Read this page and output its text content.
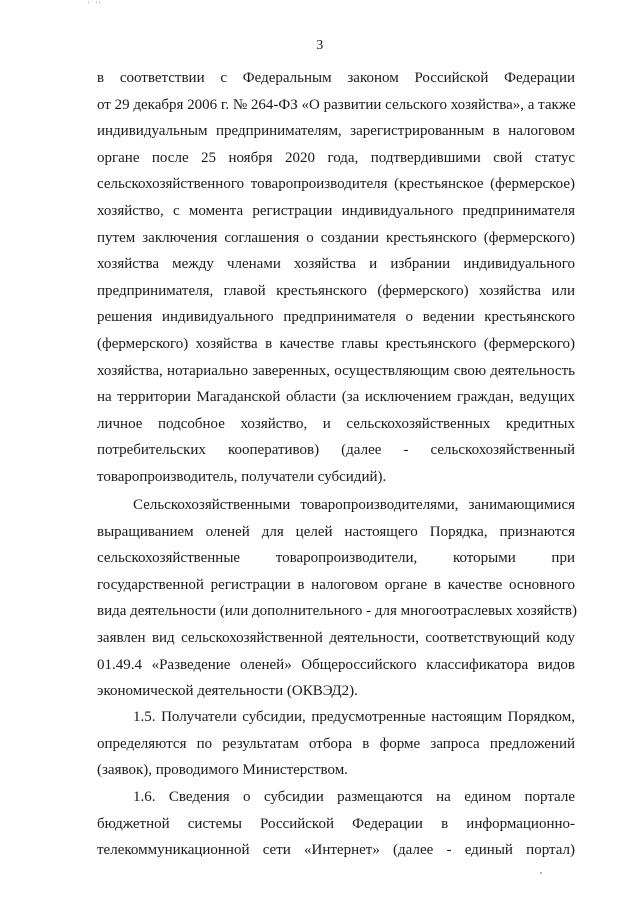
' ''
3
в соответствии с Федеральным законом Российской Федерации
от 29 декабря 2006 г. № 264-ФЗ «О развитии сельского хозяйства», а также
индивидуальным предпринимателям, зарегистрированным в налоговом
органе после 25 ноября 2020 года, подтвердившими свой статус
сельскохозяйственного товаропроизводителя (крестьянское (фермерское)
хозяйство, с момента регистрации индивидуального предпринимателя
путем заключения соглашения о создании крестьянского (фермерского)
хозяйства между членами хозяйства и избрании индивидуального
предпринимателя, главой крестьянского (фермерского) хозяйства или
решения индивидуального предпринимателя о ведении крестьянского
(фермерского) хозяйства в качестве главы крестьянского (фермерского)
хозяйства, нотариально заверенных, осуществляющим свою деятельность
на территории Магаданской области (за исключением граждан, ведущих
личное подсобное хозяйство, и сельскохозяйственных кредитных
потребительских кооперативов) (далее - сельскохозяйственный
товаропроизводитель, получатели субсидий).
Сельскохозяйственными товаропроизводителями, занимающимися
выращиванием оленей для целей настоящего Порядка, признаются
сельскохозяйственные товаропроизводители, которыми при
государственной регистрации в налоговом органе в качестве основного
вида деятельности (или дополнительного - для многоотраслевых хозяйств)
заявлен вид сельскохозяйственной деятельности, соответствующий коду
01.49.4 «Разведение оленей» Общероссийского классификатора видов
экономической деятельности (ОКВЭД2).
1.5. Получатели субсидии, предусмотренные настоящим Порядком,
определяются по результатам отбора в форме запроса предложений
(заявок), проводимого Министерством.
1.6. Сведения о субсидии размещаются на едином портале
бюджетной системы Российской Федерации в информационно-
телекоммуникационной сети «Интернет» (далее - единый портал)
